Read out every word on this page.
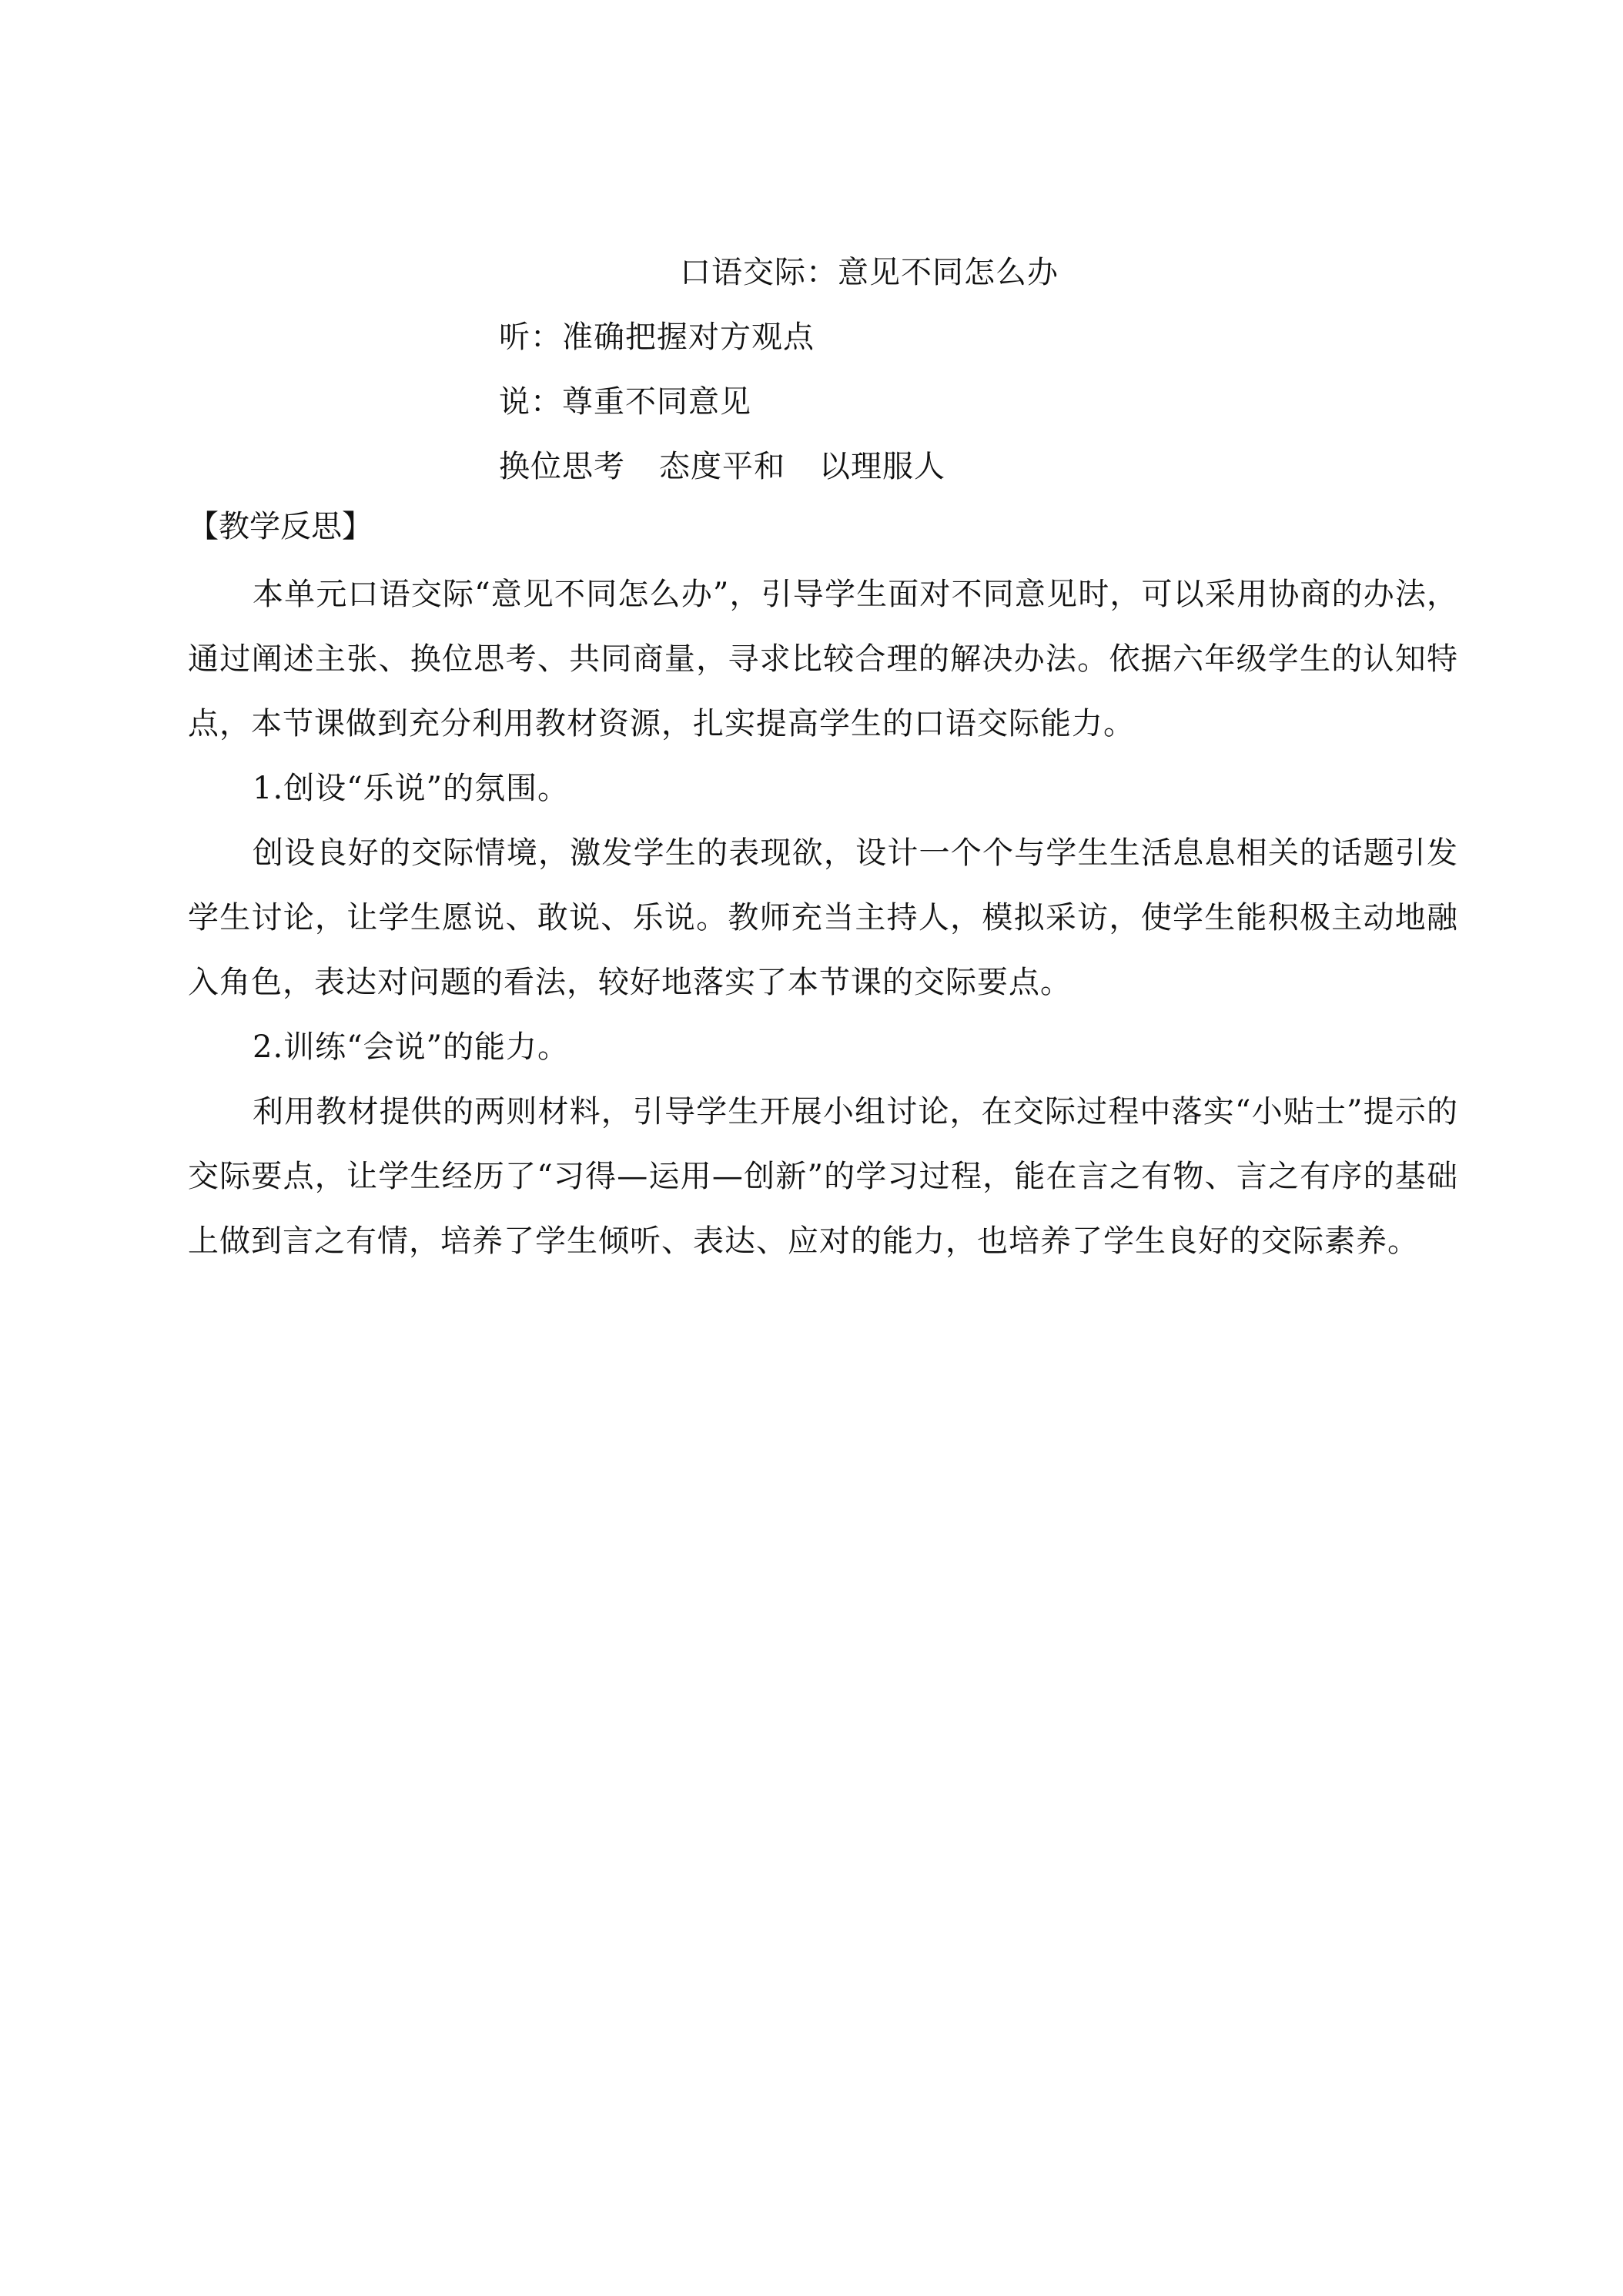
口语交际：意见不同怎么办
听：准确把握对方观点
说：尊重不同意见
换位思考 态度平和 以理服人
【教学反思】

本单元口语交际“意见不同怎么办”，引导学生面对不同意见时，可以采用协商的办法，通过阐述主张、换位思考、共同商量，寻求比较合理的解决办法。依据六年级学生的认知特点，本节课做到充分利用教材资源，扎实提高学生的口语交际能力。

1.创设“乐说”的氛围。

创设良好的交际情境，激发学生的表现欲，设计一个个与学生生活息息相关的话题引发学生讨论，让学生愿说、敢说、乐说。教师充当主持人，模拟采访，使学生能积极主动地融入角色，表达对问题的看法，较好地落实了本节课的交际要点。

2.训练“会说”的能力。

利用教材提供的两则材料，引导学生开展小组讨论，在交际过程中落实“小贴士”提示的交际要点，让学生经历了“习得—运用—创新”的学习过程，能在言之有物、言之有序的基础上做到言之有情，培养了学生倾听、表达、应对的能力，也培养了学生良好的交际素养。
